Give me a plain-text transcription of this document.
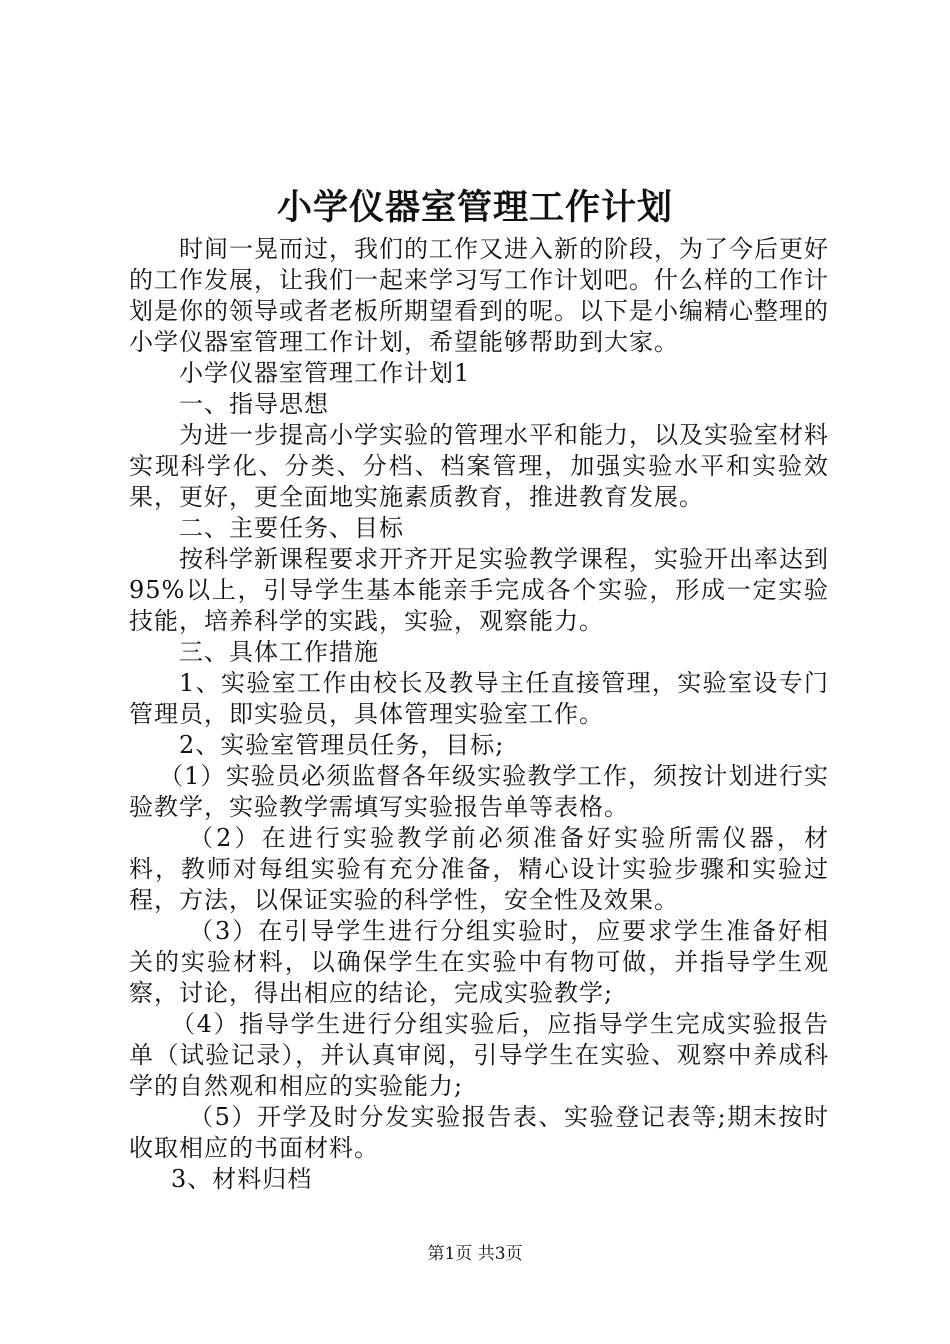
小学仪器室管理工作计划

时间一晃而过，我们的工作又进入新的阶段，为了今后更好的工作发展，让我们一起来学习写工作计划吧。什么样的工作计划是你的领导或者老板所期望看到的呢。以下是小编精心整理的小学仪器室管理工作计划，希望能够帮助到大家。

小学仪器室管理工作计划1

一、指导思想

为进一步提高小学实验的管理水平和能力，以及实验室材料实现科学化、分类、分档、档案管理，加强实验水平和实验效果，更好，更全面地实施素质教育，推进教育发展。

二、主要任务、目标

按科学新课程要求开齐开足实验教学课程，实验开出率达到95%以上，引导学生基本能亲手完成各个实验，形成一定实验技能，培养科学的实践，实验，观察能力。

三、具体工作措施

1、实验室工作由校长及教导主任直接管理，实验室设专门管理员，即实验员，具体管理实验室工作。

2、实验室管理员任务，目标;

（1）实验员必须监督各年级实验教学工作，须按计划进行实验教学，实验教学需填写实验报告单等表格。

（2）在进行实验教学前必须准备好实验所需仪器，材料，教师对每组实验有充分准备，精心设计实验步骤和实验过程，方法，以保证实验的科学性，安全性及效果。

（3）在引导学生进行分组实验时，应要求学生准备好相关的实验材料，以确保学生在实验中有物可做，并指导学生观察，讨论，得出相应的结论，完成实验教学;

（4）指导学生进行分组实验后，应指导学生完成实验报告单（试验记录），并认真审阅，引导学生在实验、观察中养成科学的自然观和相应的实验能力;

（5）开学及时分发实验报告表、实验登记表等;期末按时收取相应的书面材料。

3、材料归档

第1页 共3页
